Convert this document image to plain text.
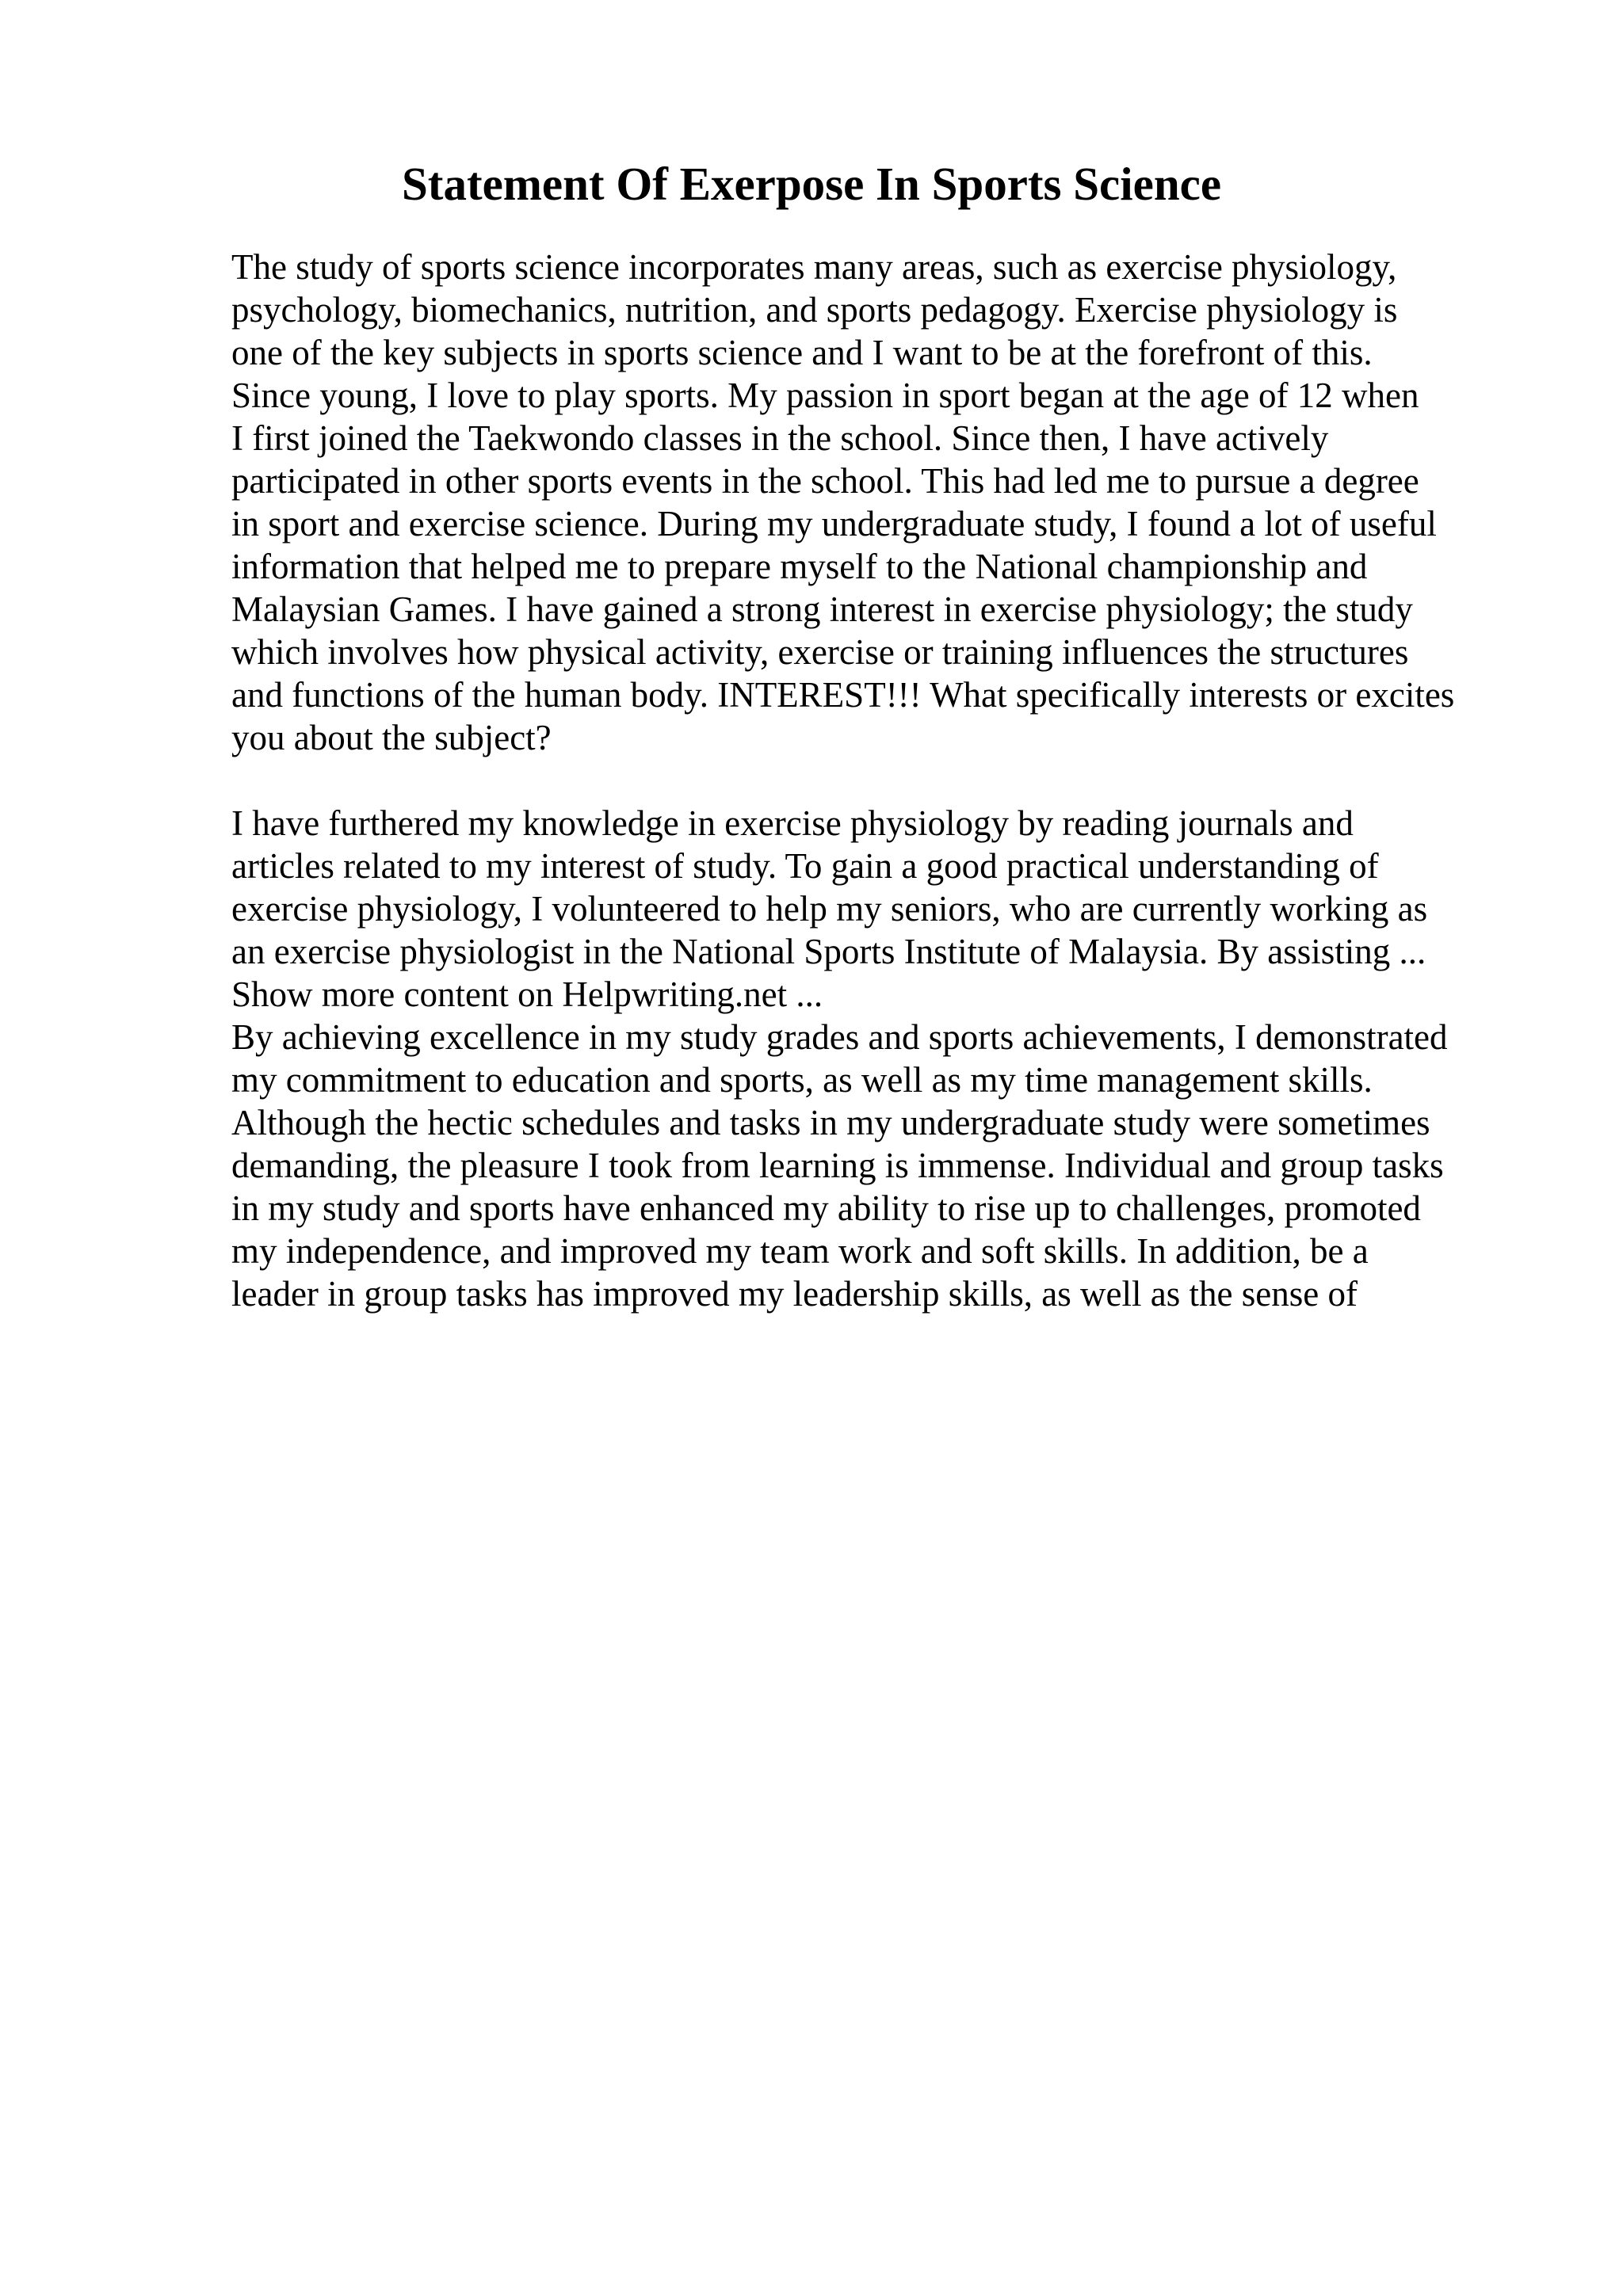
Statement Of Exerpose In Sports Science

The study of sports science incorporates many areas, such as exercise physiology,
psychology, biomechanics, nutrition, and sports pedagogy. Exercise physiology is
one of the key subjects in sports science and I want to be at the forefront of this.
Since young, I love to play sports. My passion in sport began at the age of 12 when
I first joined the Taekwondo classes in the school. Since then, I have actively
participated in other sports events in the school. This had led me to pursue a degree
in sport and exercise science. During my undergraduate study, I found a lot of useful
information that helped me to prepare myself to the National championship and
Malaysian Games. I have gained a strong interest in exercise physiology; the study
which involves how physical activity, exercise or training influences the structures
and functions of the human body. INTEREST!!! What specifically interests or excites
you about the subject?

I have furthered my knowledge in exercise physiology by reading journals and
articles related to my interest of study. To gain a good practical understanding of
exercise physiology, I volunteered to help my seniors, who are currently working as
an exercise physiologist in the National Sports Institute of Malaysia. By assisting ...
Show more content on Helpwriting.net ...

By achieving excellence in my study grades and sports achievements, I demonstrated
my commitment to education and sports, as well as my time management skills.
Although the hectic schedules and tasks in my undergraduate study were sometimes
demanding, the pleasure I took from learning is immense. Individual and group tasks
in my study and sports have enhanced my ability to rise up to challenges, promoted
my independence, and improved my team work and soft skills. In addition, be a
leader in group tasks has improved my leadership skills, as well as the sense of
